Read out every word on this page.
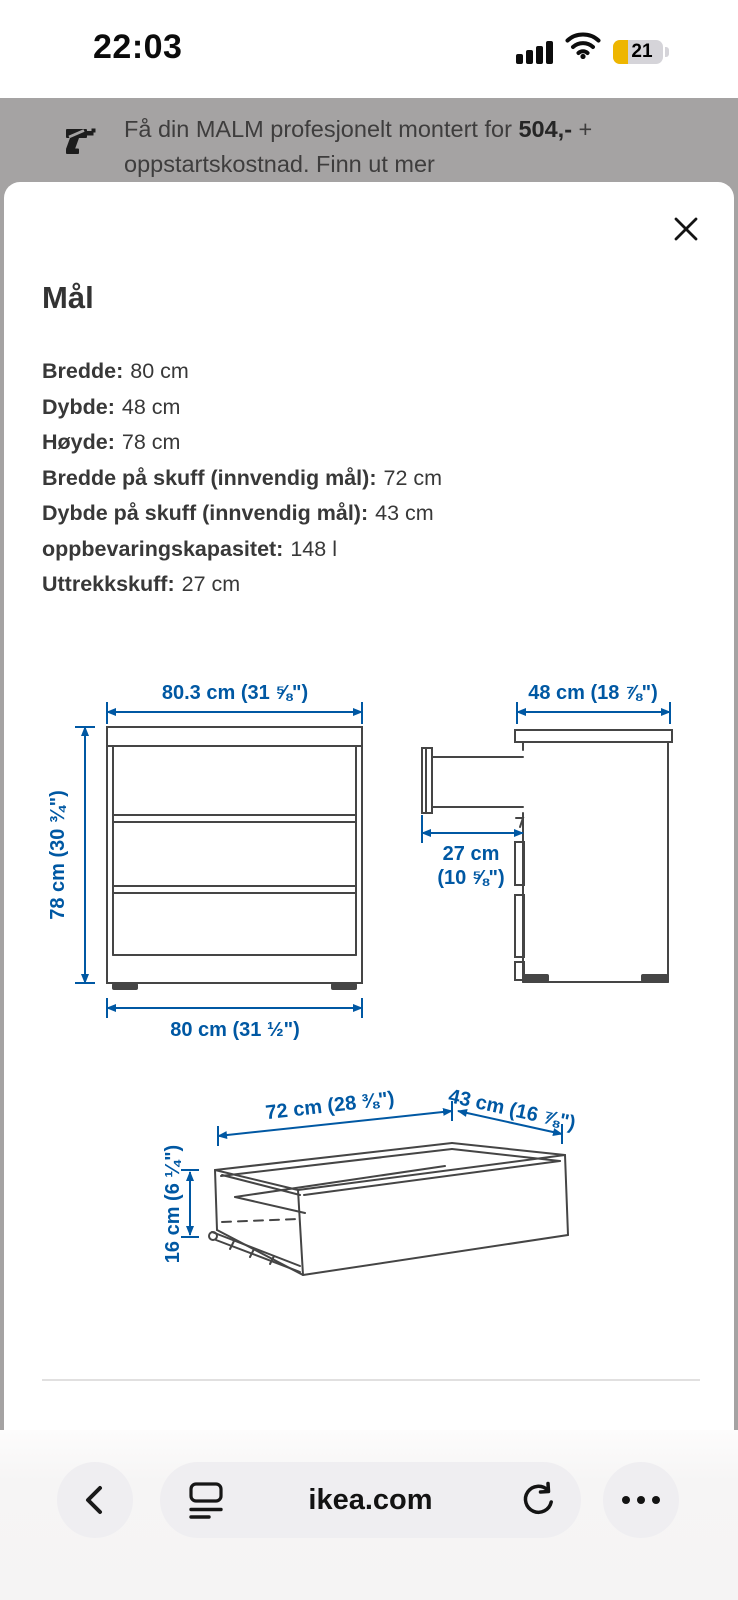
22:03	21
Få din MALM profesjonelt montert for 504,- +
oppstartskostnad. Finn ut mer
Mål
Bredde: 80 cm
Dybde: 48 cm
Høyde: 78 cm
Bredde på skuff (innvendig mål): 72 cm
Dybde på skuff (innvendig mål): 43 cm
oppbevaringskapasitet: 148 l
Uttrekkskuff: 27 cm
80.3 cm (31 ⅝")
78 cm (30 ¾")
80 cm (31 ½")
48 cm (18 ⅞")
27 cm
(10 ⅝")
72 cm (28 ⅜")	43 cm (16 ⅞")
16 cm (6 ¼")
ikea.com
